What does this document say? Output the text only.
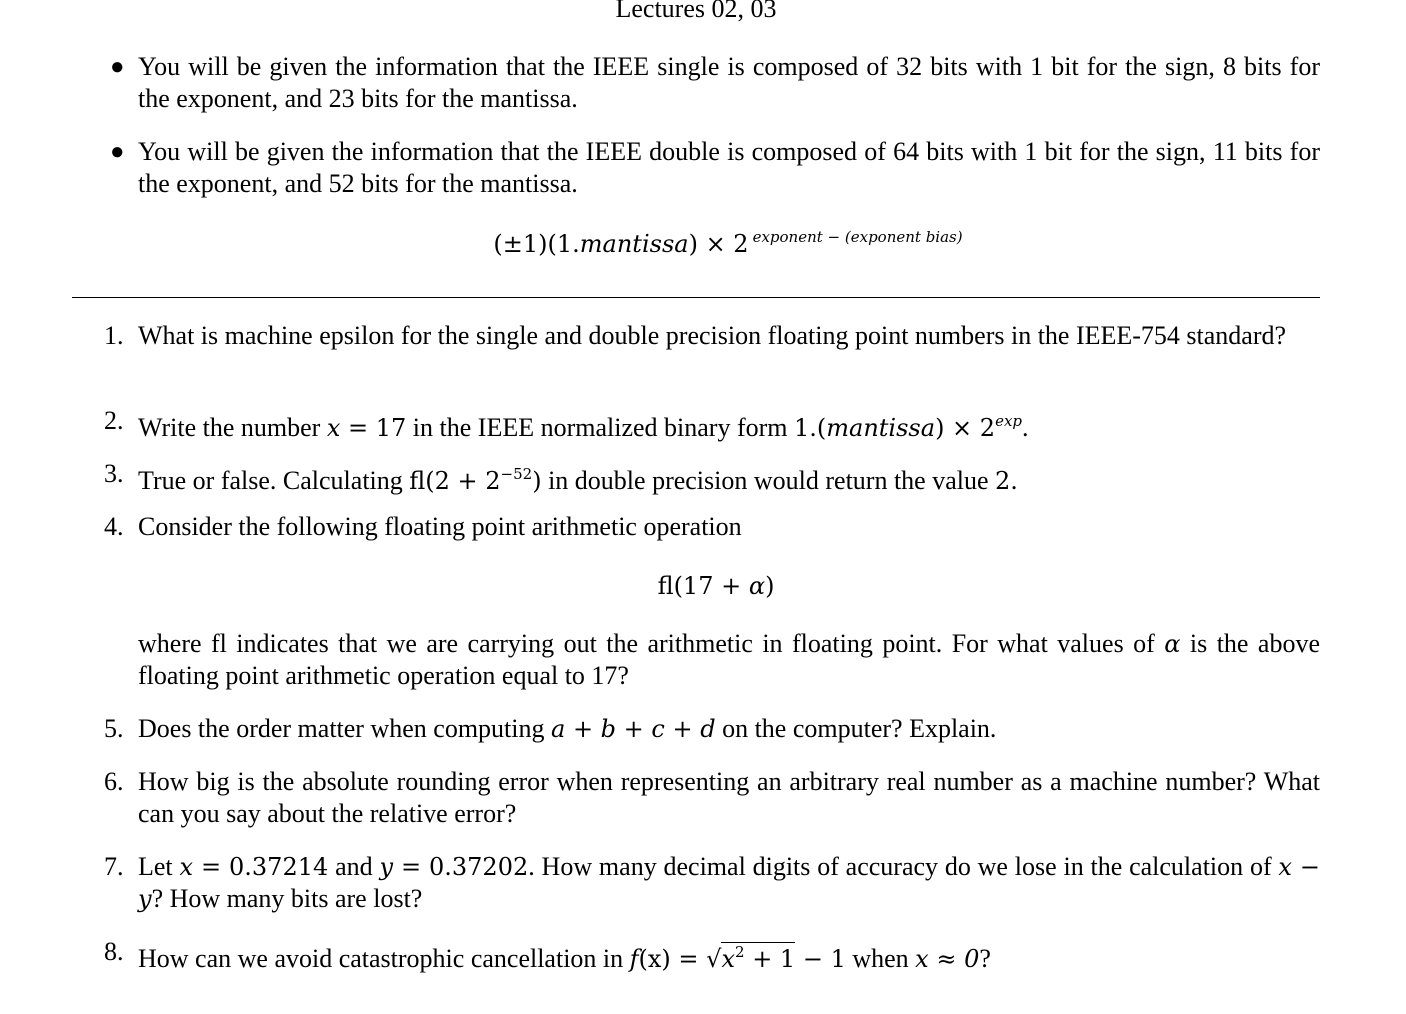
Lectures 02, 03
● You will be given the information that the IEEE single is composed of 32 bits with 1 bit for the sign, 8 bits for the exponent, and 23 bits for the mantissa.
● You will be given the information that the IEEE double is composed of 64 bits with 1 bit for the sign, 11 bits for the exponent, and 52 bits for the mantissa.
(±1)(1.mantissa) × 2 $^{exponent - (exponent bias)}$
1. What is machine epsilon for the single and double precision floating point numbers in the IEEE-754 standard?
2. Write the number x = 17 in the IEEE normalized binary form 1.(mantissa) × $2^{exp}$.
3. True or false. Calculating $fl(2 + 2^{-52})$ in double precision would return the value 2.
4. Consider the following floating point arithmetic operation
fl(17 + α)
where fl indicates that we are carrying out the arithmetic in floating point. For what values of α is the above floating point arithmetic operation equal to 17?
5. Does the order matter when computing a + b + c + d on the computer? Explain.
6. How big is the absolute rounding error when representing an arbitrary real number as a machine number? What can you say about the relative error?
7. Let x = 0.37214 and y = 0.37202. How many decimal digits of accuracy do we lose in the calculation of x − y? How many bits are lost?
8. How can we avoid catastrophic cancellation in $f(x) = √x^2 + 1 - 1$ when x ≈ 0?
